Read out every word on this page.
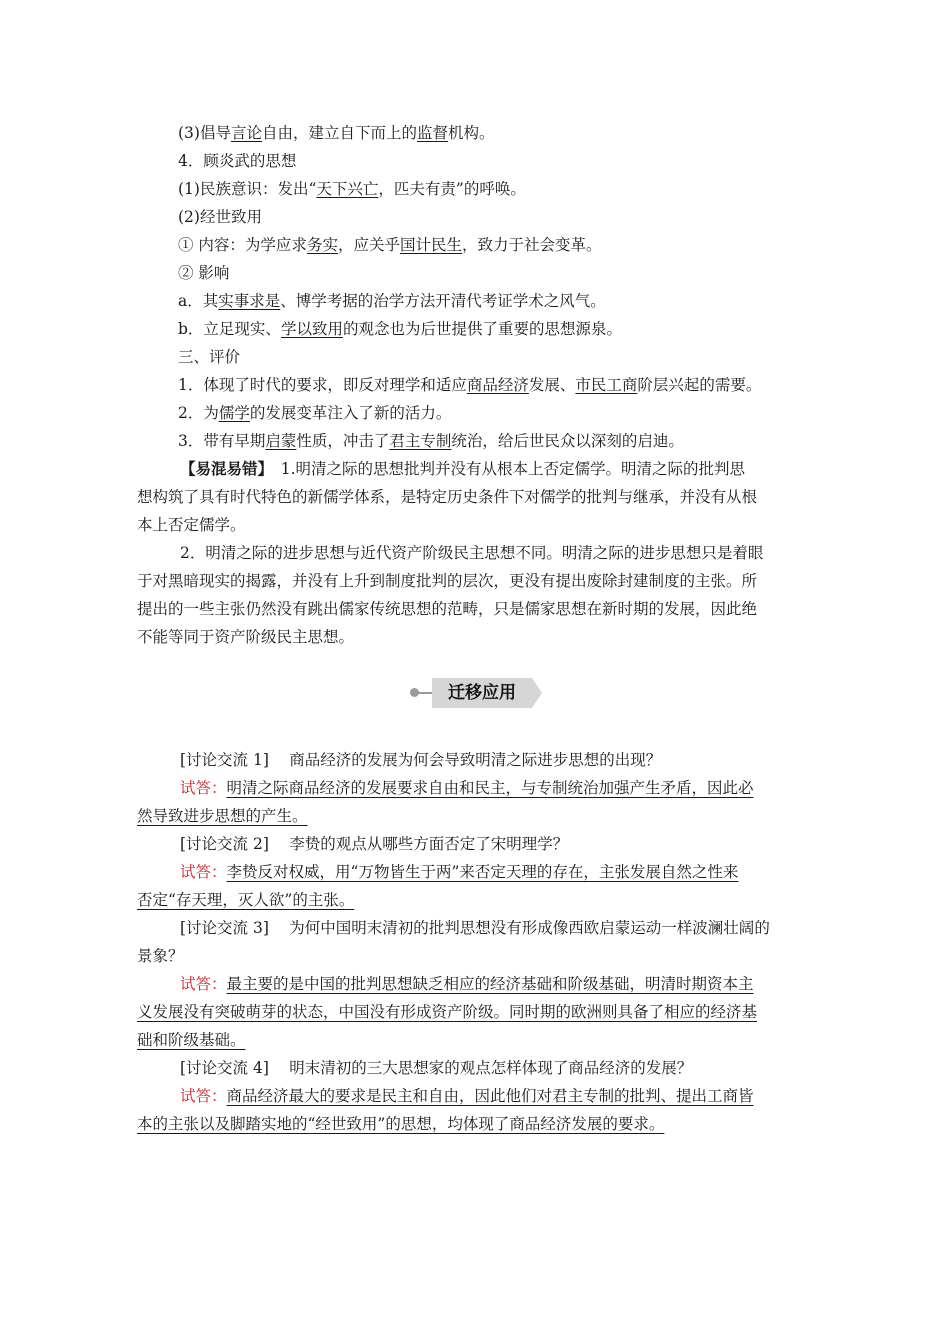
(3)倡导言论自由，建立自下而上的监督机构。
4．顾炎武的思想
(1)民族意识：发出“天下兴亡，匹夫有责”的呼唤。
(2)经世致用
① 内容：为学应求务实，应关乎国计民生，致力于社会变革。
② 影响
a．其实事求是、博学考据的治学方法开清代考证学术之风气。
b．立足现实、学以致用的观念也为后世提供了重要的思想源泉。
三、评价
1．体现了时代的要求，即反对理学和适应商品经济发展、市民工商阶层兴起的需要。
2．为儒学的发展变革注入了新的活力。
3．带有早期启蒙性质，冲击了君主专制统治，给后世民众以深刻的启迪。
【易混易错】　1.明清之际的思想批判并没有从根本上否定儒学。明清之际的批判思
想构筑了具有时代特色的新儒学体系，是特定历史条件下对儒学的批判与继承，并没有从根
本上否定儒学。
2．明清之际的进步思想与近代资产阶级民主思想不同。明清之际的进步思想只是着眼
于对黑暗现实的揭露，并没有上升到制度批判的层次，更没有提出废除封建制度的主张。所
提出的一些主张仍然没有跳出儒家传统思想的范畴，只是儒家思想在新时期的发展，因此绝
不能等同于资产阶级民主思想。
迁移应用
[讨论交流 1]　 商品经济的发展为何会导致明清之际进步思想的出现？
试答：明清之际商品经济的发展要求自由和民主，与专制统治加强产生矛盾，因此必
然导致进步思想的产生。
[讨论交流 2]　 李贽的观点从哪些方面否定了宋明理学？
试答：李贽反对权威，用“万物皆生于两”来否定天理的存在，主张发展自然之性来
否定“存天理，灭人欲”的主张。
[讨论交流 3]　 为何中国明末清初的批判思想没有形成像西欧启蒙运动一样波澜壮阔的
景象？
试答：最主要的是中国的批判思想缺乏相应的经济基础和阶级基础，明清时期资本主
义发展没有突破萌芽的状态，中国没有形成资产阶级。同时期的欧洲则具备了相应的经济基
础和阶级基础。
[讨论交流 4]　 明末清初的三大思想家的观点怎样体现了商品经济的发展？
试答：商品经济最大的要求是民主和自由，因此他们对君主专制的批判、提出工商皆
本的主张以及脚踏实地的“经世致用”的思想，均体现了商品经济发展的要求。
